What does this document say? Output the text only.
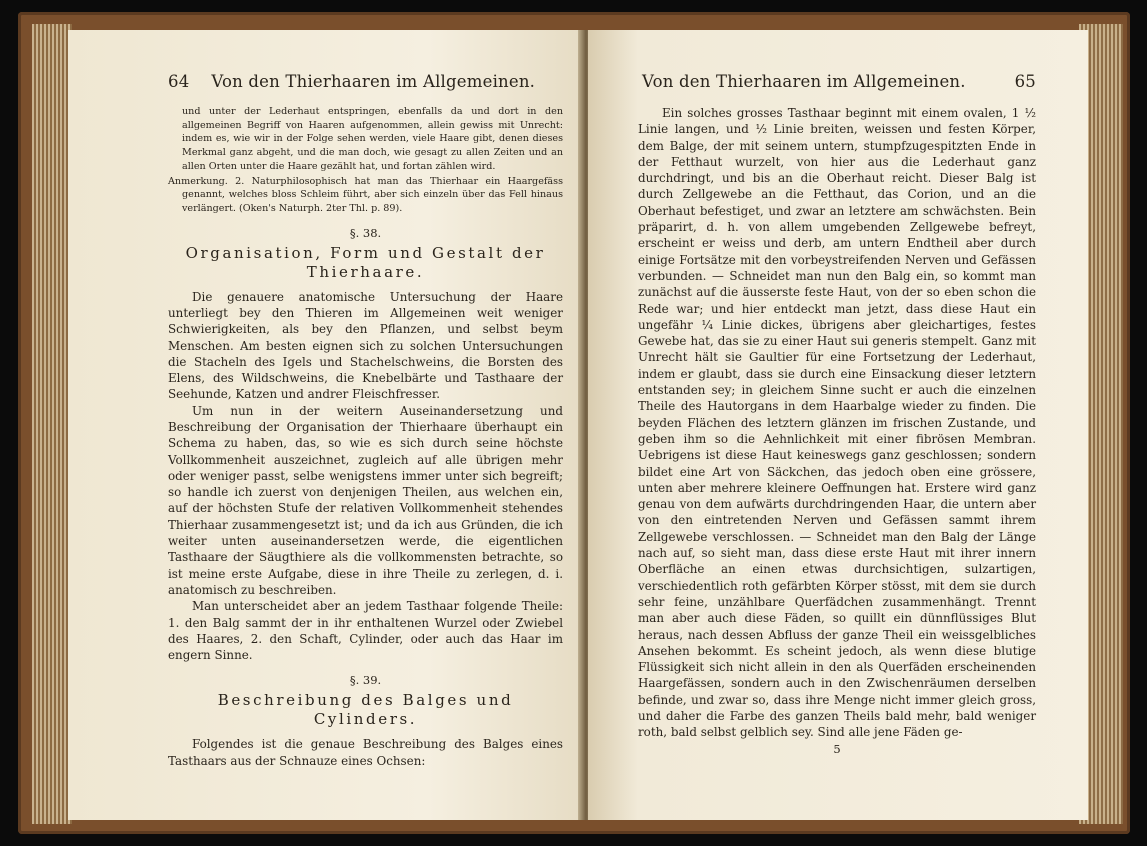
64	Von den Thierhaaren im Allgemeinen.
und unter der Lederhaut entspringen, ebenfalls da und dort in den allgemeinen Begriff von Haaren aufgenommen, allein gewiss mit Unrecht: indem es, wie wir in der Folge sehen werden, viele Haare gibt, denen dieses Merkmal ganz abgeht, und die man doch, wie gesagt zu allen Zeiten und an allen Orten unter die Haare gezählt hat, und fortan zählen wird.
Anmerkung. 2. Naturphilosophisch hat man das Thierhaar ein Haargefäss genannt, welches bloss Schleim führt, aber sich einzeln über das Fell hinaus verlängert. (Oken's Naturph. 2ter Thl. p. 89).
§. 38.
Organisation, Form und Gestalt der Thierhaare.

Die genauere anatomische Untersuchung der Haare unterliegt bey den Thieren im Allgemeinen weit weniger Schwierigkeiten, als bey den Pflanzen, und selbst beym Menschen. Am besten eignen sich zu solchen Untersuchungen die Stacheln des Igels und Stachelschweins, die Borsten des Elens, des Wildschweins, die Knebelbärte und Tasthaare der Seehunde, Katzen und andrer Fleischfresser.

Um nun in der weitern Auseinandersetzung und Beschreibung der Organisation der Thierhaare überhaupt ein Schema zu haben, das, so wie es sich durch seine höchste Vollkommenheit auszeichnet, zugleich auf alle übrigen mehr oder weniger passt, selbe wenigstens immer unter sich begreift; so handle ich zuerst von denjenigen Theilen, aus welchen ein, auf der höchsten Stufe der relativen Vollkommenheit stehendes Thierhaar zusammengesetzt ist; und da ich aus Gründen, die ich weiter unten auseinandersetzen werde, die eigentlichen Tasthaare der Säugthiere als die vollkommensten betrachte, so ist meine erste Aufgabe, diese in ihre Theile zu zerlegen, d. i. anatomisch zu beschreiben.

Man unterscheidet aber an jedem Tasthaar folgende Theile: 1. den Balg sammt der in ihr enthaltenen Wurzel oder Zwiebel des Haares, 2. den Schaft, Cylinder, oder auch das Haar im engern Sinne.

§. 39.
Beschreibung des Balges und Cylinders.

Folgendes ist die genaue Beschreibung des Balges eines Tasthaars aus der Schnauze eines Ochsen:

Von den Thierhaaren im Allgemeinen.	65

Ein solches grosses Tasthaar beginnt mit einem ovalen, 1 ½ Linie langen, und ½ Linie breiten, weissen und festen Körper, dem Balge, der mit seinem untern, stumpfzugespitzten Ende in der Fetthaut wurzelt, von hier aus die Lederhaut ganz durchdringt, und bis an die Oberhaut reicht. Dieser Balg ist durch Zellgewebe an die Fetthaut, das Corion, und an die Oberhaut befestiget, und zwar an letztere am schwächsten. Bein präparirt, d. h. von allem umgebenden Zellgewebe befreyt, erscheint er weiss und derb, am untern Endtheil aber durch einige Fortsätze mit den vorbeystreifenden Nerven und Gefässen verbunden. — Schneidet man nun den Balg ein, so kommt man zunächst auf die äusserste feste Haut, von der so eben schon die Rede war; und hier entdeckt man jetzt, dass diese Haut ein ungefähr ¼ Linie dickes, übrigens aber gleichartiges, festes Gewebe hat, das sie zu einer Haut sui generis stempelt. Ganz mit Unrecht hält sie Gaultier für eine Fortsetzung der Lederhaut, indem er glaubt, dass sie durch eine Einsackung dieser letztern entstanden sey; in gleichem Sinne sucht er auch die einzelnen Theile des Hautorgans in dem Haarbalge wieder zu finden. Die beyden Flächen des letztern glänzen im frischen Zustande, und geben ihm so die Aehnlichkeit mit einer fibrösen Membran. Uebrigens ist diese Haut keineswegs ganz geschlossen; sondern bildet eine Art von Säckchen, das jedoch oben eine grössere, unten aber mehrere kleinere Oeffnungen hat. Erstere wird ganz genau von dem aufwärts durchdringenden Haar, die untern aber von den eintretenden Nerven und Gefässen sammt ihrem Zellgewebe verschlossen. — Schneidet man den Balg der Länge nach auf, so sieht man, dass diese erste Haut mit ihrer innern Oberfläche an einen etwas durchsichtigen, sulzartigen, verschiedentlich roth gefärbten Körper stösst, mit dem sie durch sehr feine, unzählbare Querfädchen zusammenhängt. Trennt man aber auch diese Fäden, so quillt ein dünnflüssiges Blut heraus, nach dessen Abfluss der ganze Theil ein weissgelbliches Ansehen bekommt. Es scheint jedoch, als wenn diese blutige Flüssigkeit sich nicht allein in den als Querfäden erscheinenden Haargefässen, sondern auch in den Zwischenräumen derselben befinde, und zwar so, dass ihre Menge nicht immer gleich gross, und daher die Farbe des ganzen Theils bald mehr, bald weniger roth, bald selbst gelblich sey. Sind alle jene Fäden ge-

5
